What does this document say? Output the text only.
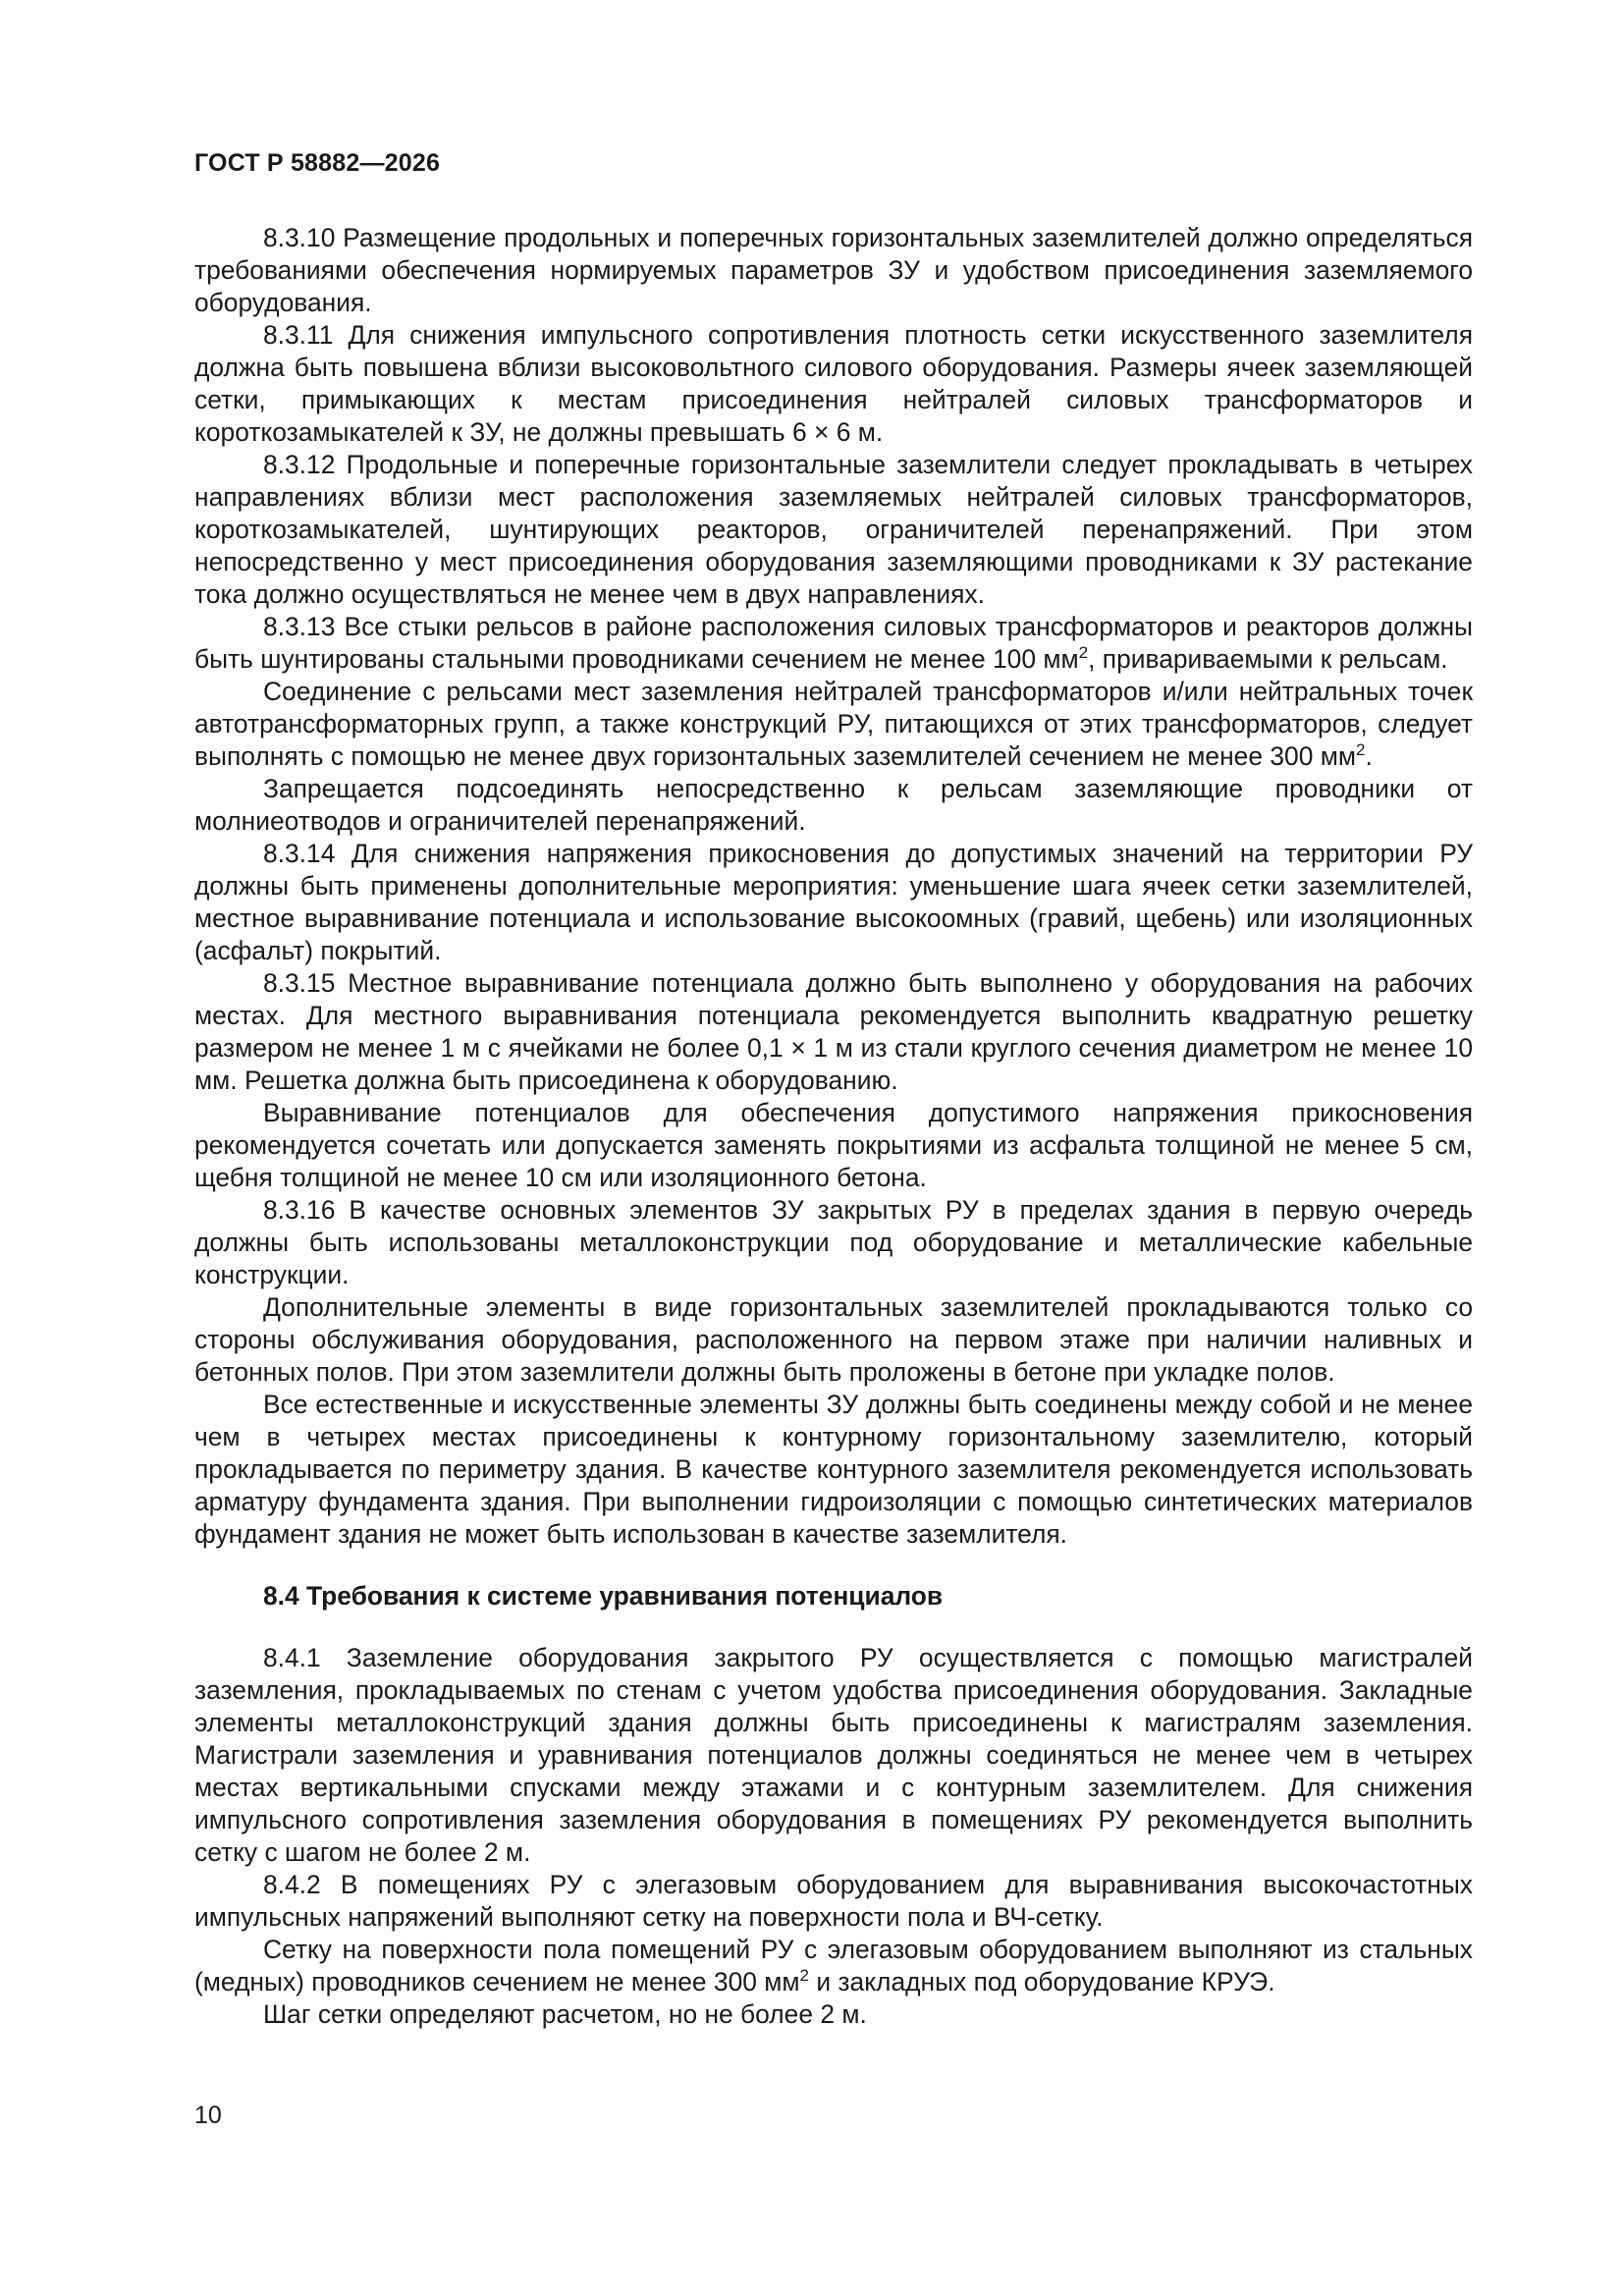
ГОСТ Р 58882—2026

8.3.10 Размещение продольных и поперечных горизонтальных заземлителей должно определяться требованиями обеспечения нормируемых параметров ЗУ и удобством присоединения заземляемого оборудования.

8.3.11 Для снижения импульсного сопротивления плотность сетки искусственного заземлителя должна быть повышена вблизи высоковольтного силового оборудования. Размеры ячеек заземляющей сетки, примыкающих к местам присоединения нейтралей силовых трансформаторов и короткозамыкателей к ЗУ, не должны превышать 6 × 6 м.

8.3.12 Продольные и поперечные горизонтальные заземлители следует прокладывать в четырех направлениях вблизи мест расположения заземляемых нейтралей силовых трансформаторов, короткозамыкателей, шунтирующих реакторов, ограничителей перенапряжений. При этом непосредственно у мест присоединения оборудования заземляющими проводниками к ЗУ растекание тока должно осуществляться не менее чем в двух направлениях.

8.3.13 Все стыки рельсов в районе расположения силовых трансформаторов и реакторов должны быть шунтированы стальными проводниками сечением не менее 100 $мм^2$, привариваемыми к рельсам.

Соединение с рельсами мест заземления нейтралей трансформаторов и/или нейтральных точек автотрансформаторных групп, а также конструкций РУ, питающихся от этих трансформаторов, следует выполнять с помощью не менее двух горизонтальных заземлителей сечением не менее 300 $мм^2$.

Запрещается подсоединять непосредственно к рельсам заземляющие проводники от молниеотводов и ограничителей перенапряжений.

8.3.14 Для снижения напряжения прикосновения до допустимых значений на территории РУ должны быть применены дополнительные мероприятия: уменьшение шага ячеек сетки заземлителей, местное выравнивание потенциала и использование высокоомных (гравий, щебень) или изоляционных (асфальт) покрытий.

8.3.15 Местное выравнивание потенциала должно быть выполнено у оборудования на рабочих местах. Для местного выравнивания потенциала рекомендуется выполнить квадратную решетку размером не менее 1 м с ячейками не более 0,1 × 1 м из стали круглого сечения диаметром не менее 10 мм. Решетка должна быть присоединена к оборудованию.

Выравнивание потенциалов для обеспечения допустимого напряжения прикосновения рекомендуется сочетать или допускается заменять покрытиями из асфальта толщиной не менее 5 см, щебня толщиной не менее 10 см или изоляционного бетона.

8.3.16 В качестве основных элементов ЗУ закрытых РУ в пределах здания в первую очередь должны быть использованы металлоконструкции под оборудование и металлические кабельные конструкции.

Дополнительные элементы в виде горизонтальных заземлителей прокладываются только со стороны обслуживания оборудования, расположенного на первом этаже при наличии наливных и бетонных полов. При этом заземлители должны быть проложены в бетоне при укладке полов.

Все естественные и искусственные элементы ЗУ должны быть соединены между собой и не менее чем в четырех местах присоединены к контурному горизонтальному заземлителю, который прокладывается по периметру здания. В качестве контурного заземлителя рекомендуется использовать арматуру фундамента здания. При выполнении гидроизоляции с помощью синтетических материалов фундамент здания не может быть использован в качестве заземлителя.

8.4 Требования к системе уравнивания потенциалов

8.4.1 Заземление оборудования закрытого РУ осуществляется с помощью магистралей заземления, прокладываемых по стенам с учетом удобства присоединения оборудования. Закладные элементы металлоконструкций здания должны быть присоединены к магистралям заземления. Магистрали заземления и уравнивания потенциалов должны соединяться не менее чем в четырех местах вертикальными спусками между этажами и с контурным заземлителем. Для снижения импульсного сопротивления заземления оборудования в помещениях РУ рекомендуется выполнить сетку с шагом не более 2 м.

8.4.2 В помещениях РУ с элегазовым оборудованием для выравнивания высокочастотных импульсных напряжений выполняют сетку на поверхности пола и ВЧ-сетку.

Сетку на поверхности пола помещений РУ с элегазовым оборудованием выполняют из стальных (медных) проводников сечением не менее 300 $мм^2$ и закладных под оборудование КРУЭ.

Шаг сетки определяют расчетом, но не более 2 м.

10
